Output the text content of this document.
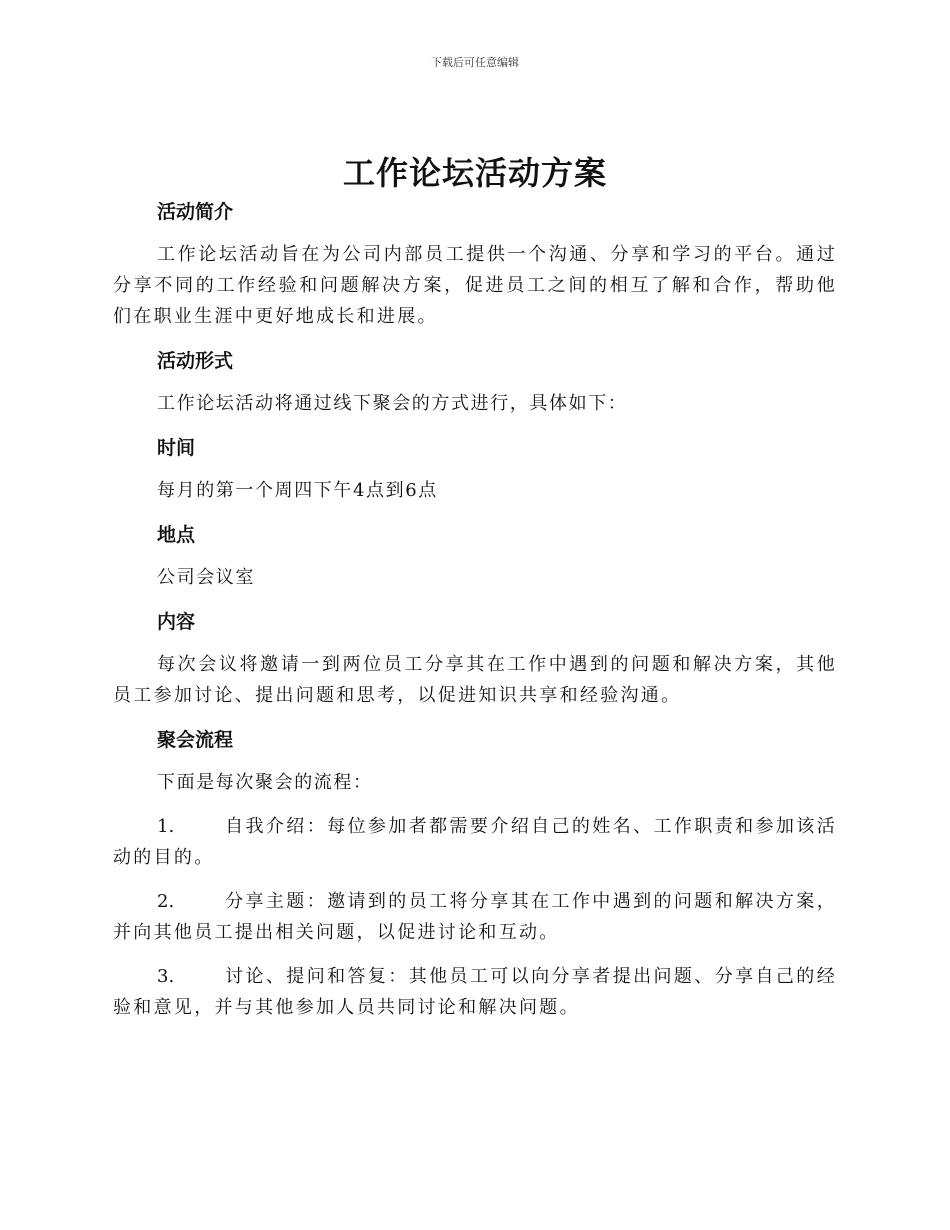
下载后可任意编辑
工作论坛活动方案

活动简介

工作论坛活动旨在为公司内部员工提供一个沟通、分享和学习的平台。通过分享不同的工作经验和问题解决方案，促进员工之间的相互了解和合作，帮助他们在职业生涯中更好地成长和进展。

活动形式

工作论坛活动将通过线下聚会的方式进行，具体如下：

时间

每月的第一个周四下午4点到6点

地点

公司会议室

内容

每次会议将邀请一到两位员工分享其在工作中遇到的问题和解决方案，其他员工参加讨论、提出问题和思考，以促进知识共享和经验沟通。

聚会流程

下面是每次聚会的流程：

1.	自我介绍：每位参加者都需要介绍自己的姓名、工作职责和参加该活动的目的。

2.	分享主题：邀请到的员工将分享其在工作中遇到的问题和解决方案，并向其他员工提出相关问题，以促进讨论和互动。

3.	讨论、提问和答复：其他员工可以向分享者提出问题、分享自己的经验和意见，并与其他参加人员共同讨论和解决问题。
